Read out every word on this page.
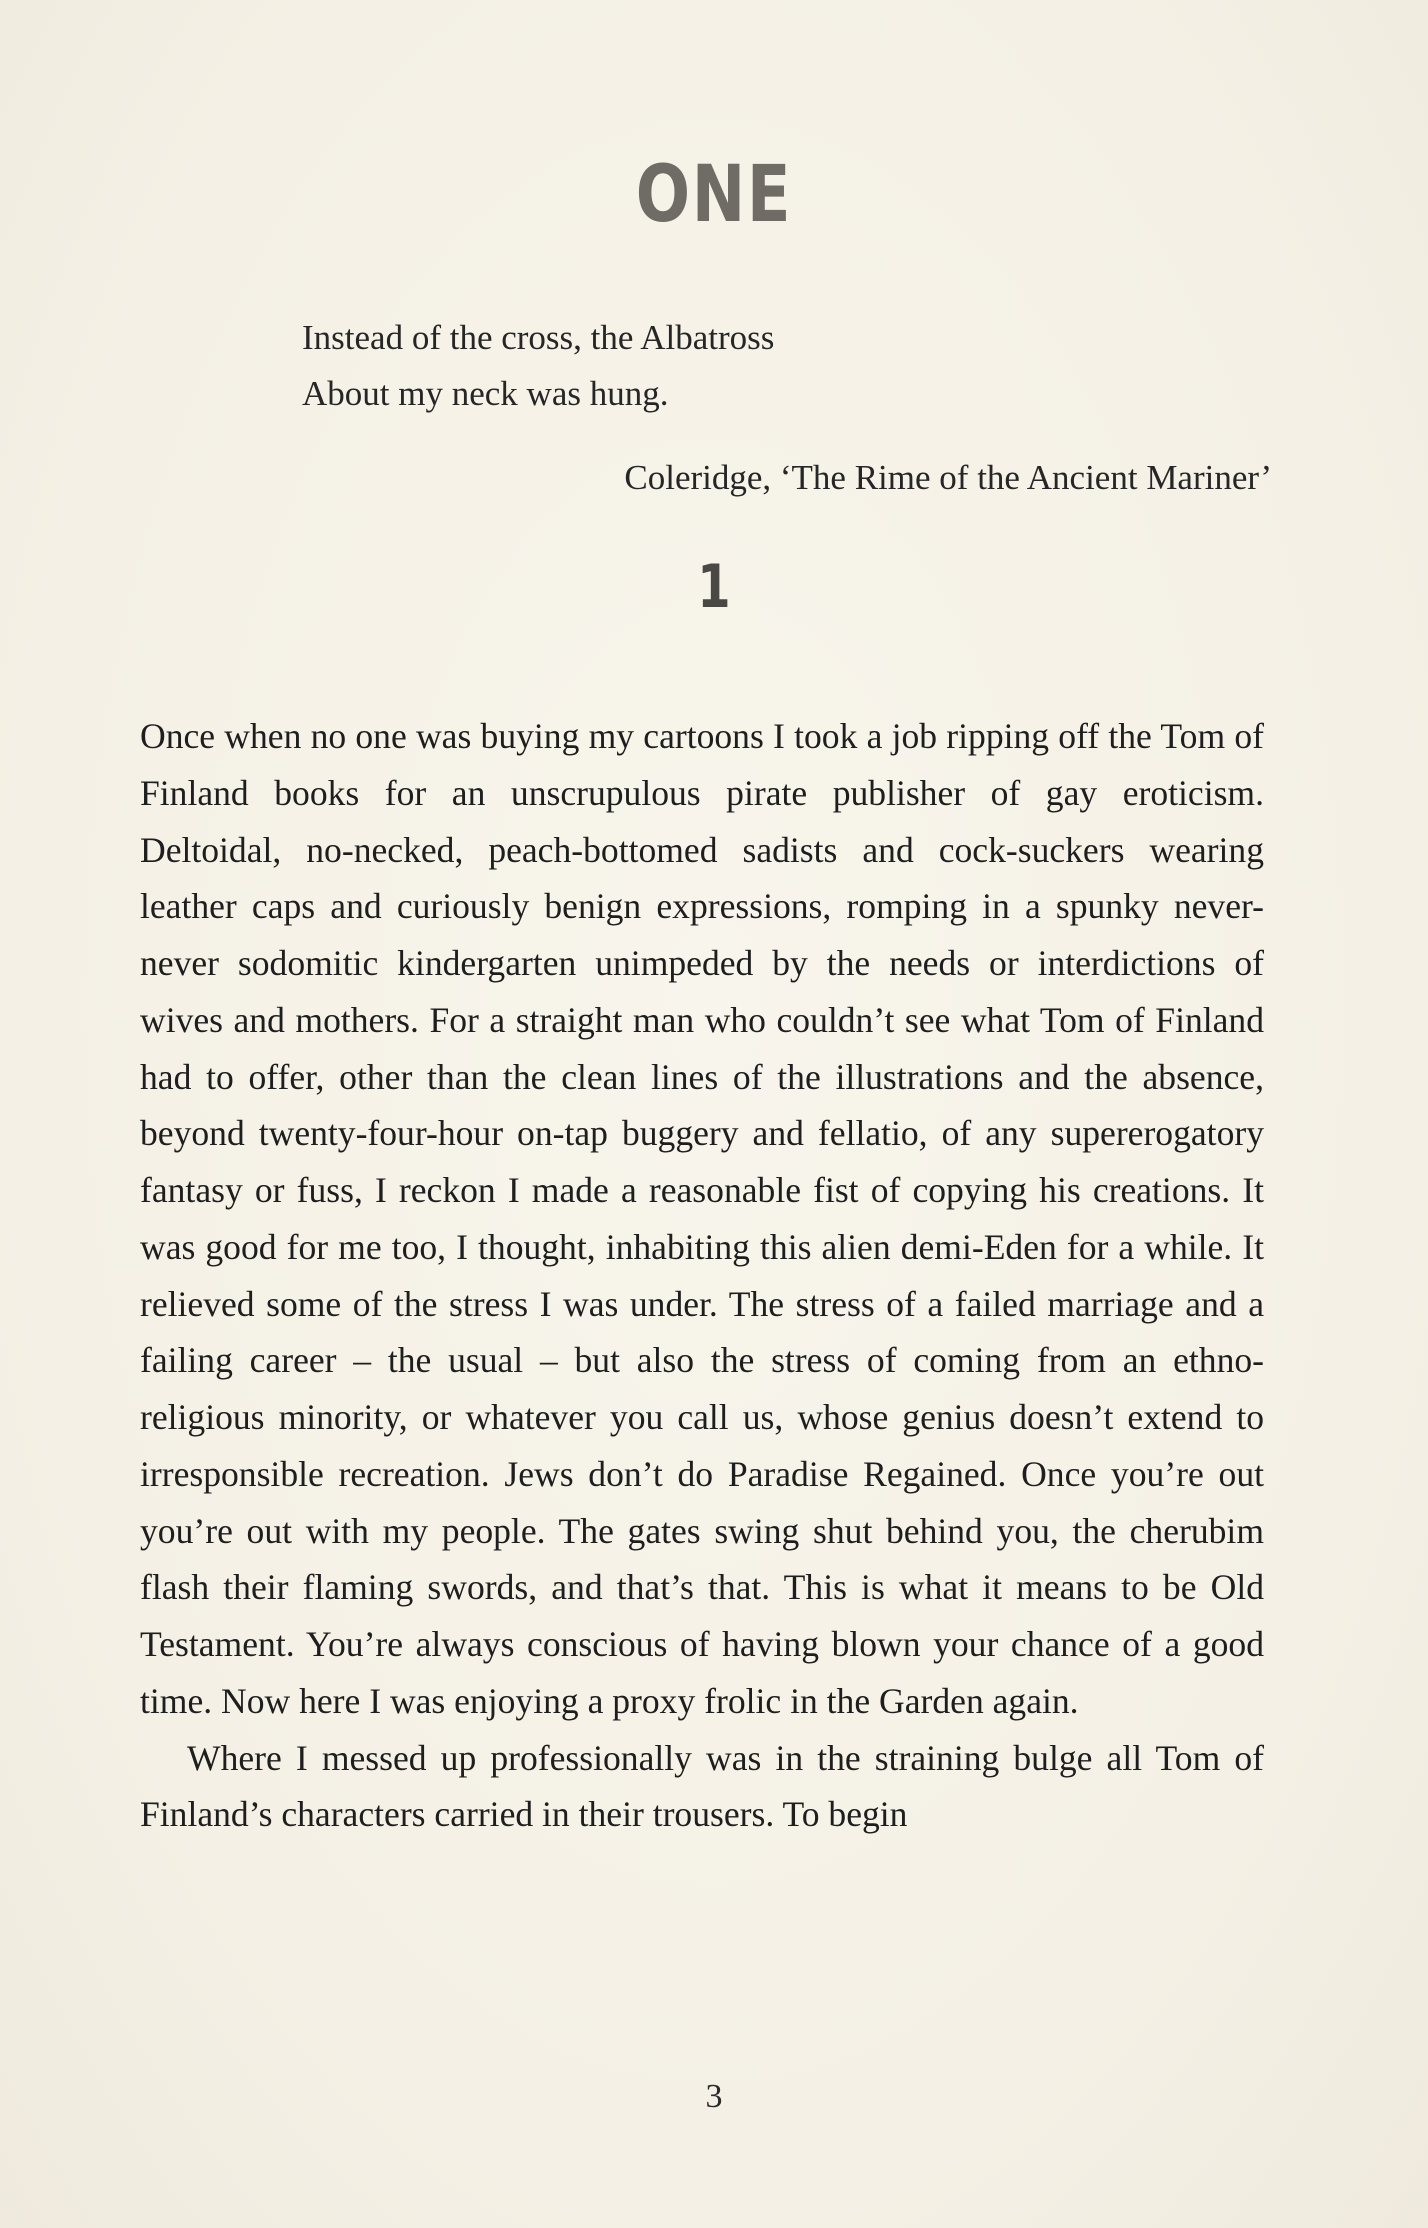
ONE
Instead of the cross, the Albatross
About my neck was hung.
Coleridge, ‘The Rime of the Ancient Mariner’
1

Once when no one was buying my cartoons I took a job ripping off the Tom of Finland books for an unscrupulous pirate publisher of gay eroticism. Deltoidal, no-necked, peach-bottomed sadists and cock-suckers wearing leather caps and curiously benign expressions, romping in a spunky never-never sodomitic kindergarten unimpeded by the needs or interdictions of wives and mothers. For a straight man who couldn’t see what Tom of Finland had to offer, other than the clean lines of the illustrations and the absence, beyond twenty-four-hour on-tap buggery and fellatio, of any supererogatory fantasy or fuss, I reckon I made a reasonable fist of copying his creations. It was good for me too, I thought, inhabiting this alien demi-Eden for a while. It relieved some of the stress I was under. The stress of a failed marriage and a failing career – the usual – but also the stress of coming from an ethno-religious minority, or whatever you call us, whose genius doesn’t extend to irresponsible recreation. Jews don’t do Paradise Regained. Once you’re out you’re out with my people. The gates swing shut behind you, the cherubim flash their flaming swords, and that’s that. This is what it means to be Old Testament. You’re always conscious of having blown your chance of a good time. Now here I was enjoying a proxy frolic in the Garden again.

Where I messed up professionally was in the straining bulge all Tom of Finland’s characters carried in their trousers. To begin

3
